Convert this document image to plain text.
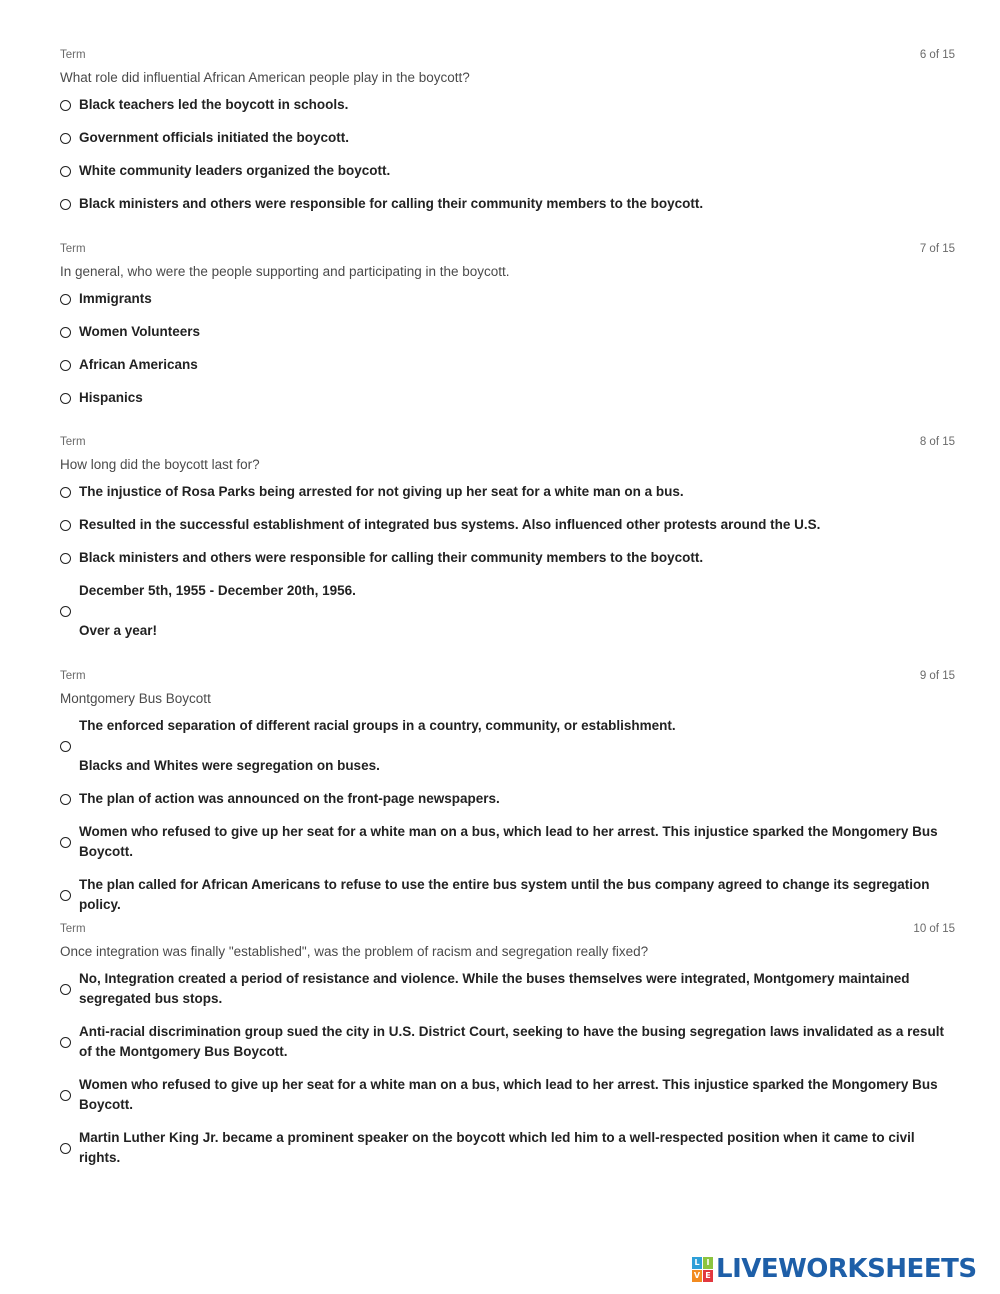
Term	6 of 15
What role did influential African American people play in the boycott?
Black teachers led the boycott in schools.
Government officials initiated the boycott.
White community leaders organized the boycott.
Black ministers and others were responsible for calling their community members to the boycott.
Term	7 of 15
In general, who were the people supporting and participating in the boycott.
Immigrants
Women Volunteers
African Americans
Hispanics
Term	8 of 15
How long did the boycott last for?
The injustice of Rosa Parks being arrested for not giving up her seat for a white man on a bus.
Resulted in the successful establishment of integrated bus systems. Also influenced other protests around the U.S.
Black ministers and others were responsible for calling their community members to the boycott.
December 5th, 1955 - December 20th, 1956.
Over a year!
Term	9 of 15
Montgomery Bus Boycott
The enforced separation of different racial groups in a country, community, or establishment.
Blacks and Whites were segregation on buses.
The plan of action was announced on the front-page newspapers.
Women who refused to give up her seat for a white man on a bus, which lead to her arrest. This injustice sparked the Mongomery Bus Boycott.
The plan called for African Americans to refuse to use the entire bus system until the bus company agreed to change its segregation policy.
Term	10 of 15
Once integration was finally "established", was the problem of racism and segregation really fixed?
No, Integration created a period of resistance and violence. While the buses themselves were integrated, Montgomery maintained segregated bus stops.
Anti-racial discrimination group sued the city in U.S. District Court, seeking to have the busing segregation laws invalidated as a result of the Montgomery Bus Boycott.
Women who refused to give up her seat for a white man on a bus, which lead to her arrest. This injustice sparked the Mongomery Bus Boycott.
Martin Luther King Jr. became a prominent speaker on the boycott which led him to a well-respected position when it came to civil rights.
L I
V E LIVEWORKSHEETS
